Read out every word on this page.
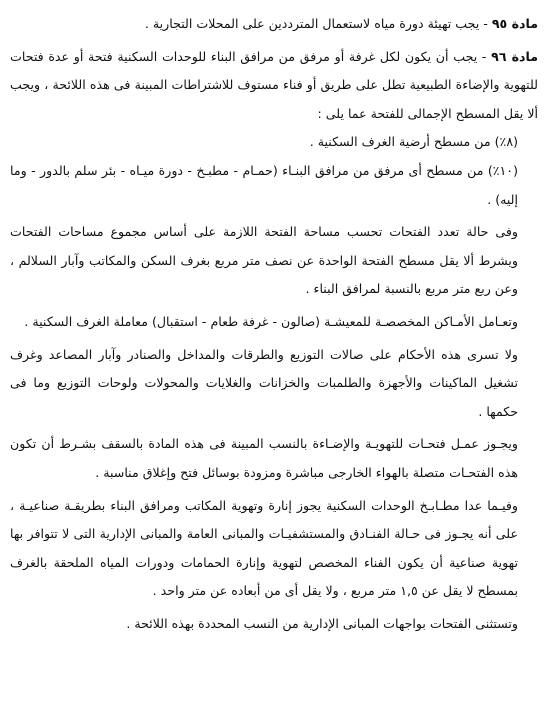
مادة ٩٥ - يجب تهيئة دورة مياه لاستعمال المترددين على المحلات التجارية .

مادة ٩٦ - يجب أن يكون لكل غرفة أو مرفق من مرافق البناء للوحدات السكنية فتحة أو عدة فتحات للتهوية والإضاءة الطبيعية تطل على طريق أو فناء مستوف للاشتراطات المبينة فى هذه اللائحة ، ويجب ألا يقل المسطح الإجمالى للفتحة عما يلى :

(٨٪) من مسطح أرضية الغرف السكنية .

(١٠٪) من مسطح أى مرفق من مرافق البنـاء (حمـام - مطبـخ - دورة ميـاه - بئر سلم بالدور - وما إليه) .

وفى حالة تعدد الفتحات تحسب مساحة الفتحة اللازمة على أساس مجموع مساحات الفتحات ويشرط ألا يقل مسطح الفتحة الواحدة عن نصف متر مربع بغرف السكن والمكاتب وآبار السلالم ، وعن ربع متر مربع بالنسبة لمرافق البناء .

وتعـامل الأمـاكن المخصصـة للمعيشـة (صالون - غرفة طعام - استقبال) معاملة الغرف السكنية .

ولا تسرى هذه الأحكام على صالات التوزيع والطرقات والمداخل والصنادر وآبار المصاعد وغرف تشغيل الماكينات والأجهزة والطلمبات والخزانات والغلايات والمحولات ولوحات التوزيع وما فى حكمها .

ويجـوز عمـل فتحـات للتهويـة والإضـاءة بالنسب المبينة فى هذه المادة بالسقف بشـرط أن تكون هذه الفتحـات متصلة بالهواء الخارجى مباشرة ومزودة بوسائل فتح وإغلاق مناسبة .

وفيـما عدا مطـابـخ الوحدات السكنية يجوز إنارة وتهوية المكاتب ومرافق البناء بطريقـة صناعيـة ، على أنه يجـوز فى حـالة الفنـادق والمستشفيـات والمبانى العامة والمبانى الإدارية التى لا تتوافر بها تهوية صناعية أن يكون الفناء المخصص لتهوية وإنارة الحمامات ودورات المياه الملحقة بالغرف بمسطح لا يقل عن ١,٥ متر مربع ، ولا يقل أى من أبعاده عن متر واحد .

وتستثنى الفتحات بواجهات المبانى الإدارية من النسب المحددة بهذه اللائحة .
